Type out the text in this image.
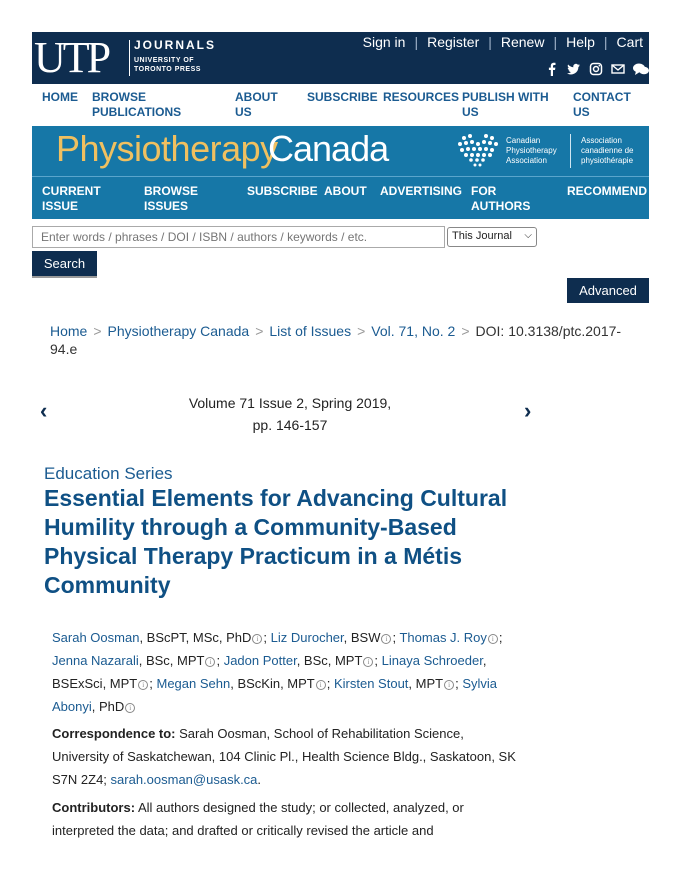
UTP JOURNALS
UNIVERSITY OF
TORONTO PRESS
Sign in | Register | Renew | Help | Cart
HOME	BROWSE PUBLICATIONS
ABOUT US
SUBSCRIBE RESOURCES PUBLISH WITH US
CONTACT US
Physiotherapy
Canada	Canadian Physiotherapy Association
Association canadienne de physiothérapie
CURRENT ISSUE
BROWSE ISSUES
SUBSCRIBE ABOUT	ADVERTISING FOR AUTHORS
RECOMMEND
Enter words / phrases / DOI / ISBN / authors / keywords / etc.
This Journal ⌵
Search
Advanced
Home > Physiotherapy Canada > List of Issues > Vol. 71, No. 2 > DOI: 10.3138/ptc.2017-94.e
‹	Volume 71 Issue 2, Spring 2019,
pp. 146-157
›
Education Series
Essential Elements for Advancing Cultural Humility through a Community-Based Physical Therapy Practicum in a Métis Community
Sarah Oosman, BScPT, MSc, PhD i ; Liz Durocher, BSW i ; Thomas J. Roy i ; Jenna Nazarali, BSc, MPT i ; Jadon Potter, BSc, MPT i ; Linaya Schroeder, BSExSci, MPT i ; Megan Sehn, BScKin, MPT i ; Kirsten Stout, MPT i ; Sylvia Abonyi, PhD i
Correspondence to: Sarah Oosman, School of Rehabilitation Science, University of Saskatchewan, 104 Clinic Pl., Health Science Bldg., Saskatoon, SK S7N 2Z4; sarah.oosman@usask.ca.
Contributors: All authors designed the study; or collected, analyzed, or interpreted the data; and drafted or critically revised the article and
